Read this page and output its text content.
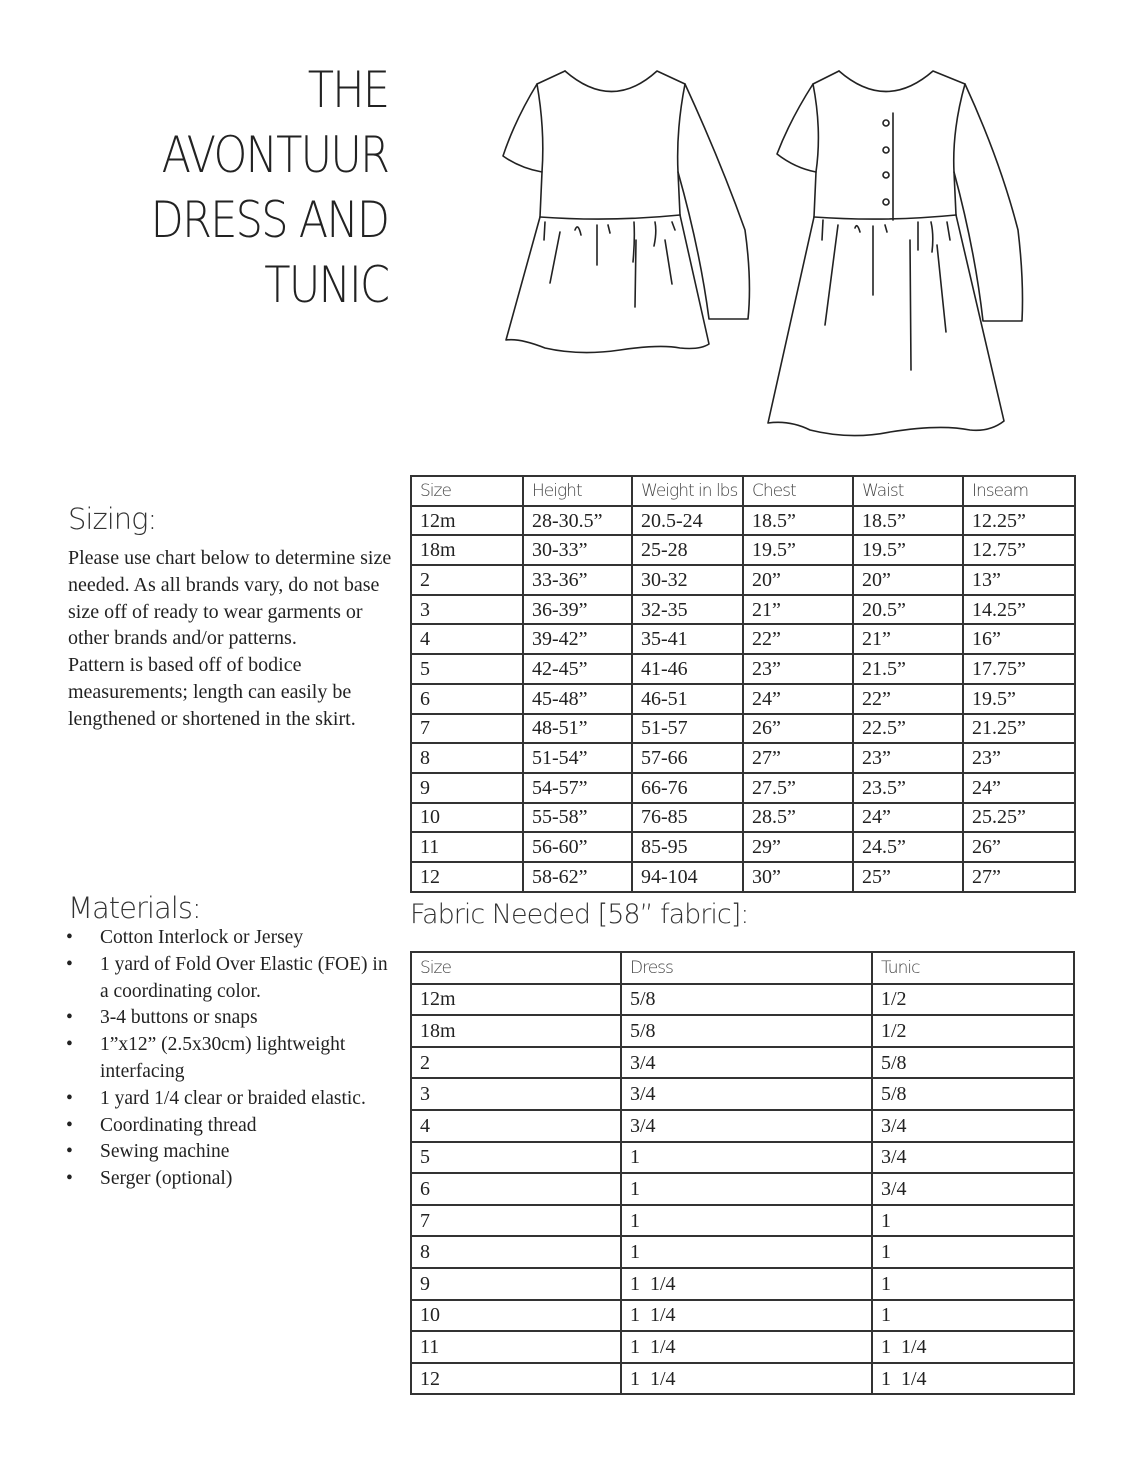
THE
AVONTUUR
DRESS AND
TUNIC
Sizing:
Please use chart below to determine size needed. As all brands vary, do not base size off of ready to wear garments or other brands and/or patterns.
Pattern is based off of bodice measurements; length can easily be lengthened or shortened in the skirt.
Materials:
• Cotton Interlock or Jersey
• 1 yard of Fold Over Elastic (FOE) in a coordinating color.
• 3-4 buttons or snaps
• 1”x12” (2.5x30cm) lightweight interfacing
• 1 yard 1/4 clear or braided elastic.
• Coordinating thread
• Sewing machine
• Serger (optional)
Size	Height	Weight in lbs	Chest	Waist	Inseam
12m	28-30.5”	20.5-24	18.5”	18.5”	12.25”
18m	30-33”	25-28	19.5”	19.5”	12.75”
2	33-36”	30-32	20”	20”	13”
3	36-39”	32-35	21”	20.5”	14.25”
4	39-42”	35-41	22”	21”	16”
5	42-45”	41-46	23”	21.5”	17.75”
6	45-48”	46-51	24”	22”	19.5”
7	48-51”	51-57	26”	22.5”	21.25”
8	51-54”	57-66	27”	23”	23”
9	54-57”	66-76	27.5”	23.5”	24”
10	55-58”	76-85	28.5”	24”	25.25”
11	56-60”	85-95	29”	24.5”	26”
12	58-62”	94-104	30”	25”	27”
Fabric Needed [58” fabric]:
Size	Dress	Tunic
12m	5/8	1/2
18m	5/8	1/2
2	3/4	5/8
3	3/4	5/8
4	3/4	3/4
5	1	3/4
6	1	3/4
7	1	1
8	1	1
9	1  1/4	1
10	1  1/4	1
11	1  1/4	1  1/4
12	1  1/4	1  1/4
